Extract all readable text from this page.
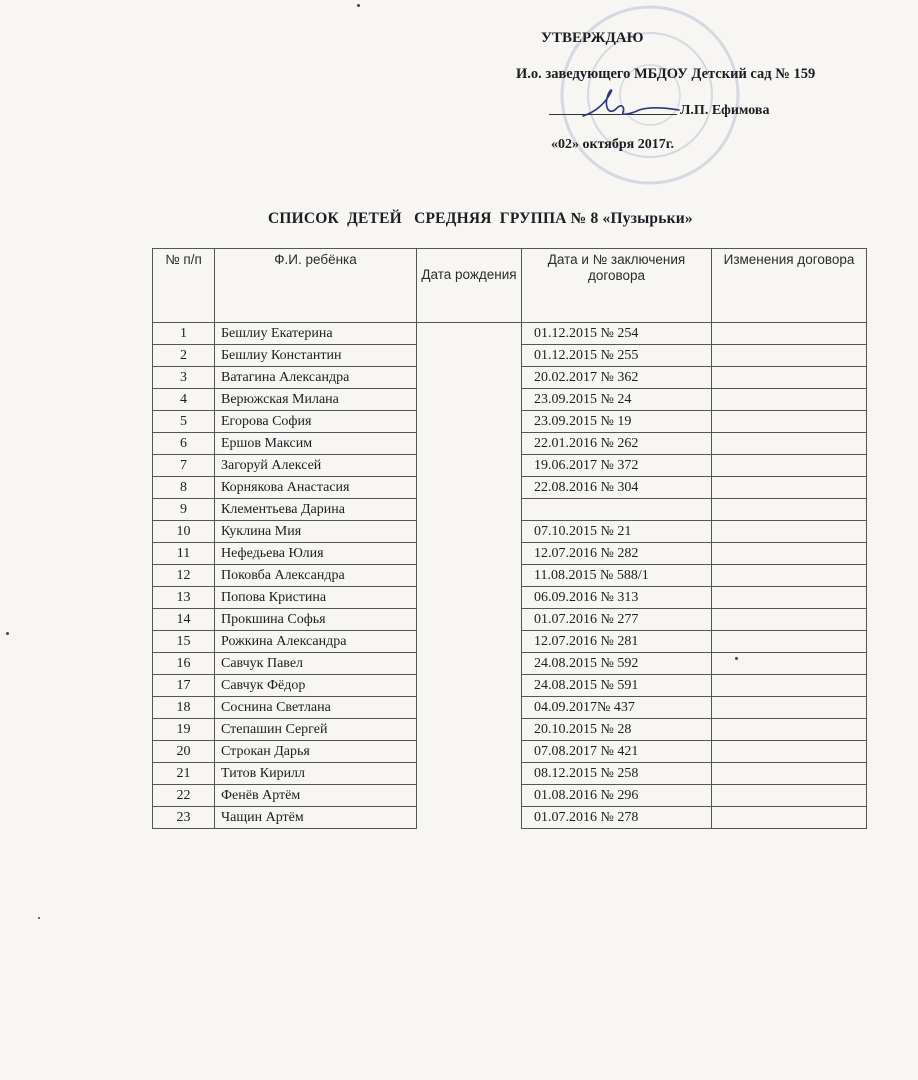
УТВЕРЖДАЮ
И.о. заведующего МБДОУ Детский сад № 159
Л.П. Ефимова
«02» октября 2017г.
СПИСОК  ДЕТЕЙ   СРЕДНЯЯ  ГРУППА № 8 «Пузырьки»
№ п/п	Ф.И. ребёнка	Дата рождения	Дата и № заключения договора	Изменения договора
1	Бешлиу Екатерина		01.12.2015 № 254	
2	Бешлиу Константин		01.12.2015 № 255	
3	Ватагина Александра		20.02.2017 № 362	
4	Верюжская Милана		23.09.2015 № 24	
5	Егорова София		23.09.2015 № 19	
6	Ершов Максим		22.01.2016 № 262	
7	Загоруй Алексей		19.06.2017 № 372	
8	Корнякова Анастасия		22.08.2016 № 304	
9	Клементьева Дарина			
10	Куклина Мия		07.10.2015 № 21	
11	Нефедьева Юлия		12.07.2016 № 282	
12	Поковба Александра		11.08.2015 № 588/1	
13	Попова Кристина		06.09.2016 № 313	
14	Прокшина Софья		01.07.2016 № 277	
15	Рожкина Александра		12.07.2016 № 281	
16	Савчук Павел		24.08.2015 № 592	
17	Савчук Фёдор		24.08.2015 № 591	
18	Соснина Светлана		04.09.2017№ 437	
19	Степашин Сергей		20.10.2015 № 28	
20	Строкан Дарья		07.08.2017 № 421	
21	Титов Кирилл		08.12.2015 № 258	
22	Фенёв Артём		01.08.2016 № 296	
23	Чащин Артём		01.07.2016 № 278	
